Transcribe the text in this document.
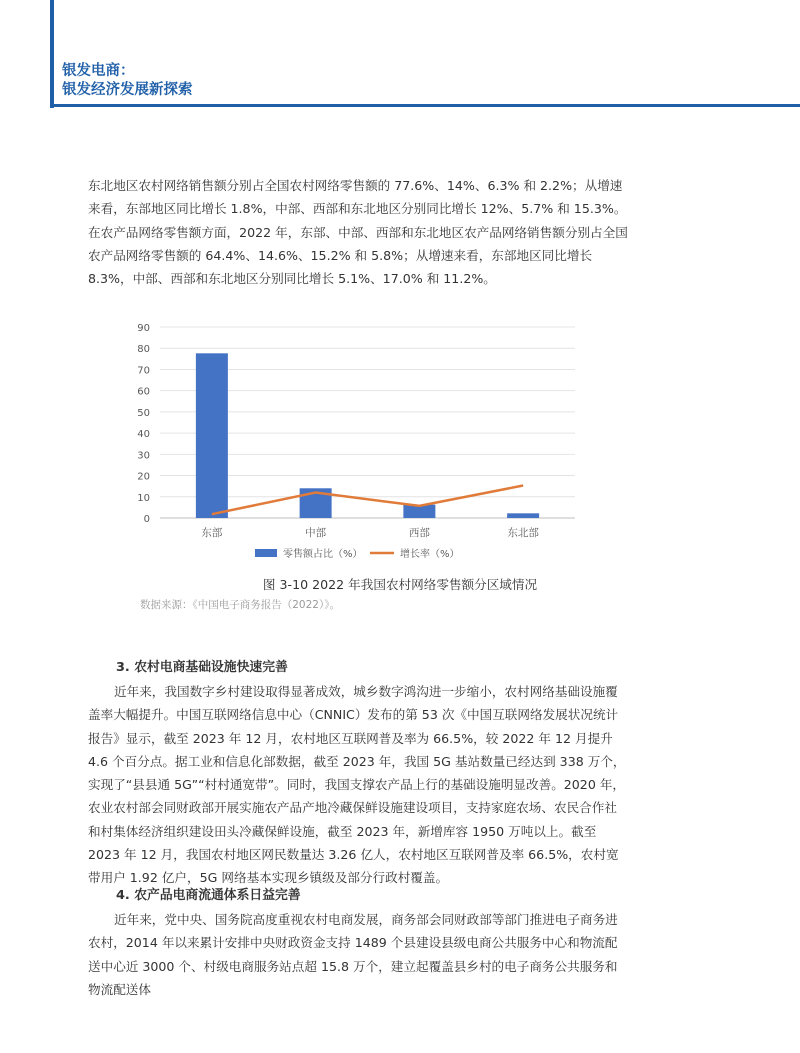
银发电商：
银发经济发展新探索

东北地区农村网络销售额分别占全国农村网络零售额的 77.6%、14%、6.3% 和 2.2%；从增速来看，东部地区同比增长 1.8%，中部、西部和东北地区分别同比增长 12%、5.7% 和 15.3%。在农产品网络零售额方面，2022 年，东部、中部、西部和东北地区农产品网络销售额分别占全国农产品网络零售额的 64.4%、14.6%、15.2% 和 5.8%；从增速来看，东部地区同比增长 8.3%，中部、西部和东北地区分别同比增长 5.1%、17.0% 和 11.2%。

0
10
20
30
40
50
60
70
80
90
东部	中部	西部	东北部
零售额占比（%）	增长率（%）
图 3-10 2022 年我国农村网络零售额分区域情况
数据来源：《中国电子商务报告（2022）》。
3. 农村电商基础设施快速完善

近年来，我国数字乡村建设取得显著成效，城乡数字鸿沟进一步缩小，农村网络基础设施覆盖率大幅提升。中国互联网络信息中心（CNNIC）发布的第 53 次《中国互联网络发展状况统计报告》显示，截至 2023 年 12 月，农村地区互联网普及率为 66.5%，较 2022 年 12 月提升 4.6 个百分点。据工业和信息化部数据，截至 2023 年，我国 5G 基站数量已经达到 338 万个，实现了“县县通 5G”“村村通宽带”。同时，我国支撑农产品上行的基础设施明显改善。2020 年，农业农村部会同财政部开展实施农产品产地冷藏保鲜设施建设项目，支持家庭农场、农民合作社和村集体经济组织建设田头冷藏保鲜设施，截至 2023 年，新增库容 1950 万吨以上。截至 2023 年 12 月，我国农村地区网民数量达 3.26 亿人，农村地区互联网普及率 66.5%，农村宽带用户 1.92 亿户，5G 网络基本实现乡镇级及部分行政村覆盖。

4. 农产品电商流通体系日益完善

近年来，党中央、国务院高度重视农村电商发展，商务部会同财政部等部门推进电子商务进农村，2014 年以来累计安排中央财政资金支持 1489 个县建设县级电商公共服务中心和物流配送中心近 3000 个、村级电商服务站点超 15.8 万个，建立起覆盖县乡村的电子商务公共服务和物流配送体
